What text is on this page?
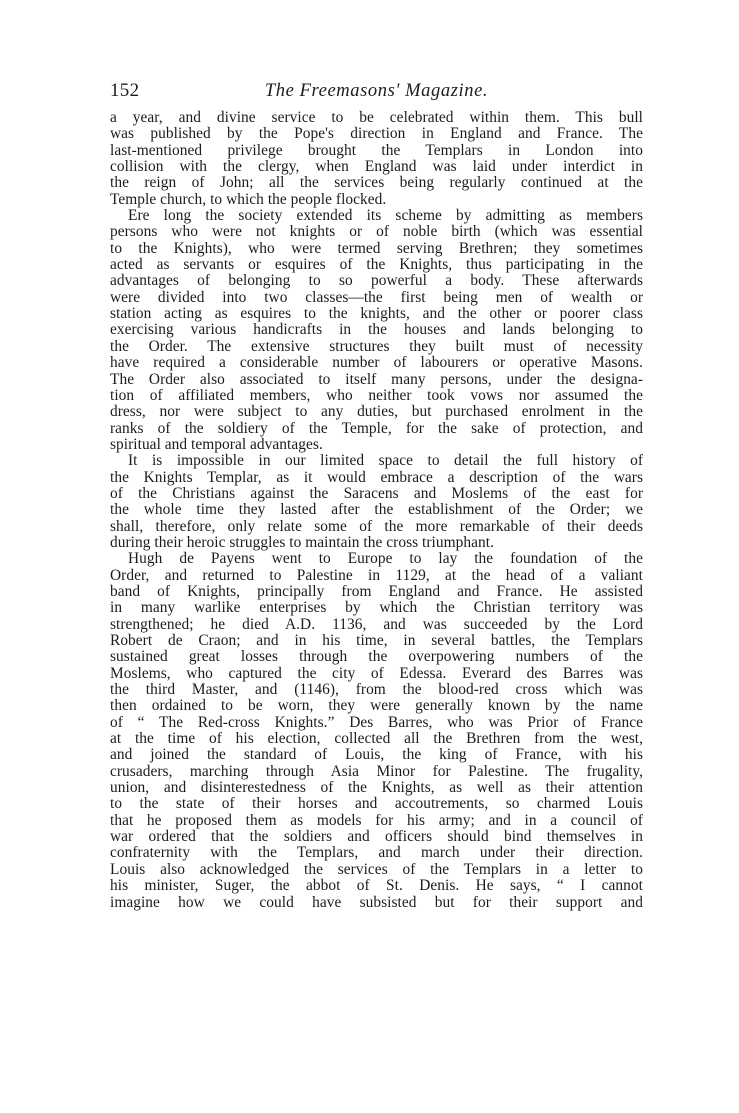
152	The Freemasons' Magazine.

a year, and divine service to be celebrated within them. This bull

was published by the Pope's direction in England and France. The

last-mentioned privilege brought the Templars in London into

collision with the clergy, when England was laid under interdict in

the reign of John; all the services being regularly continued at the

Temple church, to which the people flocked.

Ere long the society extended its scheme by admitting as members

persons who were not knights or of noble birth (which was essential

to the Knights), who were termed serving Brethren; they sometimes

acted as servants or esquires of the Knights, thus participating in the

advantages of belonging to so powerful a body. These afterwards

were divided into two classes—the first being men of wealth or

station acting as esquires to the knights, and the other or poorer class

exercising various handicrafts in the houses and lands belonging to

the Order. The extensive structures they built must of necessity

have required a considerable number of labourers or operative Masons.

The Order also associated to itself many persons, under the designa-

tion of affiliated members, who neither took vows nor assumed the

dress, nor were subject to any duties, but purchased enrolment in the

ranks of the soldiery of the Temple, for the sake of protection, and

spiritual and temporal advantages.

It is impossible in our limited space to detail the full history of

the Knights Templar, as it would embrace a description of the wars

of the Christians against the Saracens and Moslems of the east for

the whole time they lasted after the establishment of the Order; we

shall, therefore, only relate some of the more remarkable of their deeds

during their heroic struggles to maintain the cross triumphant.

Hugh de Payens went to Europe to lay the foundation of the

Order, and returned to Palestine in 1129, at the head of a valiant

band of Knights, principally from England and France. He assisted

in many warlike enterprises by which the Christian territory was

strengthened; he died A.D. 1136, and was succeeded by the Lord

Robert de Craon; and in his time, in several battles, the Templars

sustained great losses through the overpowering numbers of the

Moslems, who captured the city of Edessa. Everard des Barres was

the third Master, and (1146), from the blood-red cross which was

then ordained to be worn, they were generally known by the name

of “ The Red-cross Knights.” Des Barres, who was Prior of France

at the time of his election, collected all the Brethren from the west,

and joined the standard of Louis, the king of France, with his

crusaders, marching through Asia Minor for Palestine. The frugality,

union, and disinterestedness of the Knights, as well as their attention

to the state of their horses and accoutrements, so charmed Louis

that he proposed them as models for his army; and in a council of

war ordered that the soldiers and officers should bind themselves in

confraternity with the Templars, and march under their direction.

Louis also acknowledged the services of the Templars in a letter to

his minister, Suger, the abbot of St. Denis. He says, “ I cannot

imagine how we could have subsisted but for their support and
